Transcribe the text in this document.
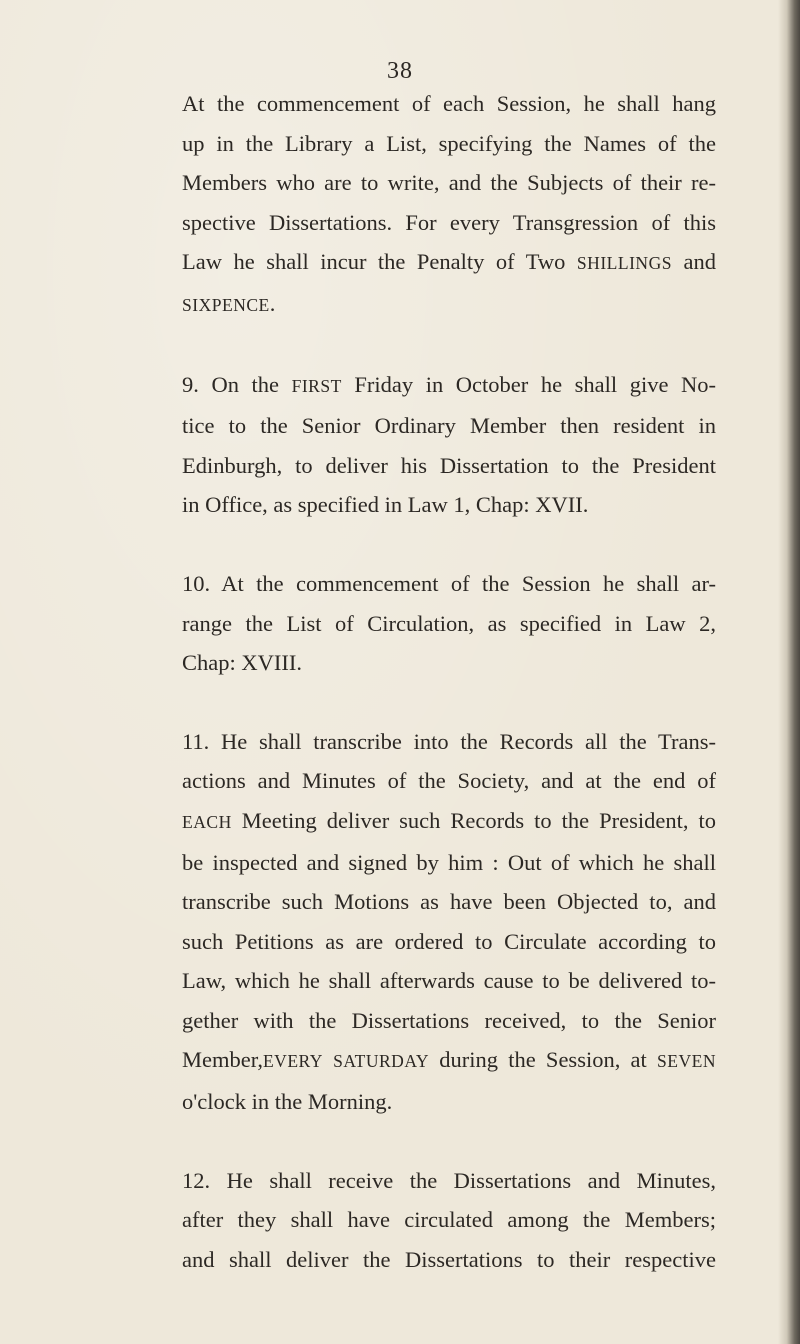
38
At the commencement of each Session, he shall hang
up in the Library a List, specifying the Names of the
Members who are to write, and the Subjects of their re-
spective Dissertations. For every Transgression of this
Law he shall incur the Penalty of Two SHILLINGS and
SIXPENCE.
9. On the FIRST Friday in October he shall give No-
tice to the Senior Ordinary Member then resident in
Edinburgh, to deliver his Dissertation to the President
in Office, as specified in Law 1, Chap: XVII.
10. At the commencement of the Session he shall ar-
range the List of Circulation, as specified in Law 2,
Chap: XVIII.
11. He shall transcribe into the Records all the Trans-
actions and Minutes of the Society, and at the end of
EACH Meeting deliver such Records to the President, to
be inspected and signed by him : Out of which he shall
transcribe such Motions as have been Objected to, and
such Petitions as are ordered to Circulate according to
Law, which he shall afterwards cause to be delivered to-
gether with the Dissertations received, to the Senior
Member,EVERY SATURDAY during the Session, at SEVEN
o'clock in the Morning.
12. He shall receive the Dissertations and Minutes,
after they shall have circulated among the Members;
and shall deliver the Dissertations to their respective
